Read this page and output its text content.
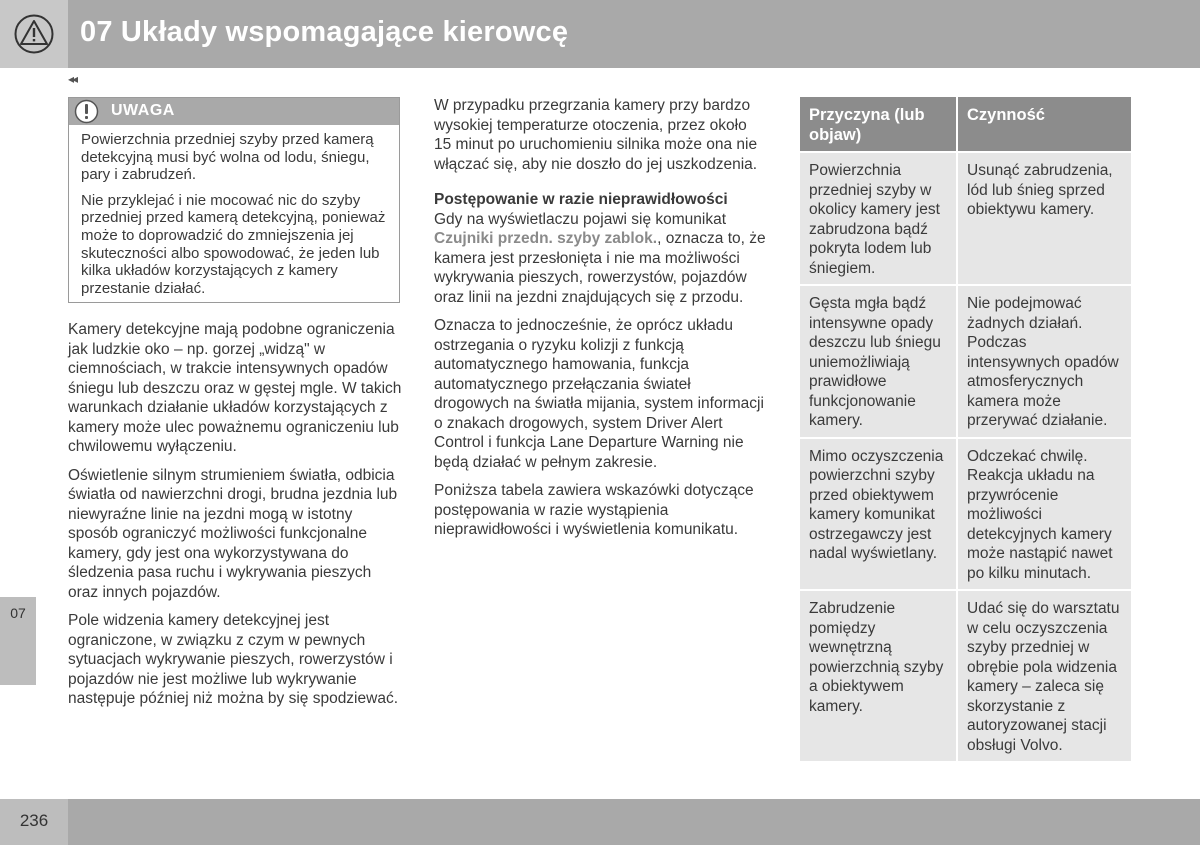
07 Układy wspomagające kierowcę
◂◂
UWAGA

Powierzchnia przedniej szyby przed kamerą detekcyjną musi być wolna od lodu, śniegu, pary i zabrudzeń.

Nie przyklejać i nie mocować nic do szyby przedniej przed kamerą detekcyjną, ponieważ może to doprowadzić do zmniejszenia jej skuteczności albo spowodować, że jeden lub kilka układów korzystających z kamery przestanie działać.

Kamery detekcyjne mają podobne ograniczenia jak ludzkie oko – np. gorzej „widzą" w ciemnościach, w trakcie intensywnych opadów śniegu lub deszczu oraz w gęstej mgle. W takich warunkach działanie układów korzystających z kamery może ulec poważnemu ograniczeniu lub chwilowemu wyłączeniu.

Oświetlenie silnym strumieniem światła, odbicia światła od nawierzchni drogi, brudna jezdnia lub niewyraźne linie na jezdni mogą w istotny sposób ograniczyć możliwości funkcjonalne kamery, gdy jest ona wykorzystywana do śledzenia pasa ruchu i wykrywania pieszych oraz innych pojazdów.

Pole widzenia kamery detekcyjnej jest ograniczone, w związku z czym w pewnych sytuacjach wykrywanie pieszych, rowerzystów i pojazdów nie jest możliwe lub wykrywanie następuje później niż można by się spodziewać.

W przypadku przegrzania kamery przy bardzo wysokiej temperaturze otoczenia, przez około 15 minut po uruchomieniu silnika może ona nie włączać się, aby nie doszło do jej uszkodzenia.

Postępowanie w razie nieprawidłowości
Gdy na wyświetlaczu pojawi się komunikat Czujniki przedn. szyby zablok., oznacza to, że kamera jest przesłonięta i nie ma możliwości wykrywania pieszych, rowerzystów, pojazdów oraz linii na jezdni znajdujących się z przodu.

Oznacza to jednocześnie, że oprócz układu ostrzegania o ryzyku kolizji z funkcją automatycznego hamowania, funkcja automatycznego przełączania świateł drogowych na światła mijania, system informacji o znakach drogowych, system Driver Alert Control i funkcja Lane Departure Warning nie będą działać w pełnym zakresie.

Poniższa tabela zawiera wskazówki dotyczące postępowania w razie wystąpienia nieprawidłowości i wyświetlenia komunikatu.

Przyczyna (lub objaw)	Czynność
Powierzchnia przedniej szyby w okolicy kamery jest zabrudzona bądź pokryta lodem lub śniegiem.	Usunąć zabrudzenia, lód lub śnieg sprzed obiektywu kamery.
Gęsta mgła bądź intensywne opady deszczu lub śniegu uniemożliwiają prawidłowe funkcjonowanie kamery.	Nie podejmować żadnych działań. Podczas intensywnych opadów atmosferycznych kamera może przerywać działanie.
Mimo oczyszczenia powierzchni szyby przed obiektywem kamery komunikat ostrzegawczy jest nadal wyświetlany.	Odczekać chwilę. Reakcja układu na przywrócenie możliwości detekcyjnych kamery może nastąpić nawet po kilku minutach.
Zabrudzenie pomiędzy wewnętrzną powierzchnią szyby a obiektywem kamery.	Udać się do warsztatu w celu oczyszczenia szyby przedniej w obrębie pola widzenia kamery – zaleca się skorzystanie z autoryzowanej stacji obsługi Volvo.
07
236
